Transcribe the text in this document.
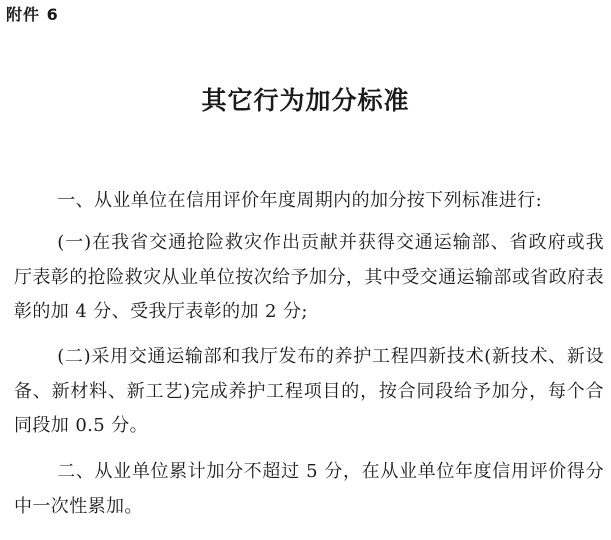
附件 6
其它行为加分标准

一、从业单位在信用评价年度周期内的加分按下列标准进行:

(一)在我省交通抢险救灾作出贡献并获得交通运输部、省政府或我厅表彰的抢险救灾从业单位按次给予加分，其中受交通运输部或省政府表彰的加 4 分、受我厅表彰的加 2 分;

(二)采用交通运输部和我厅发布的养护工程四新技术(新技术、新设备、新材料、新工艺)完成养护工程项目的，按合同段给予加分，每个合同段加 0.5 分。

二、从业单位累计加分不超过 5 分，在从业单位年度信用评价得分中一次性累加。
